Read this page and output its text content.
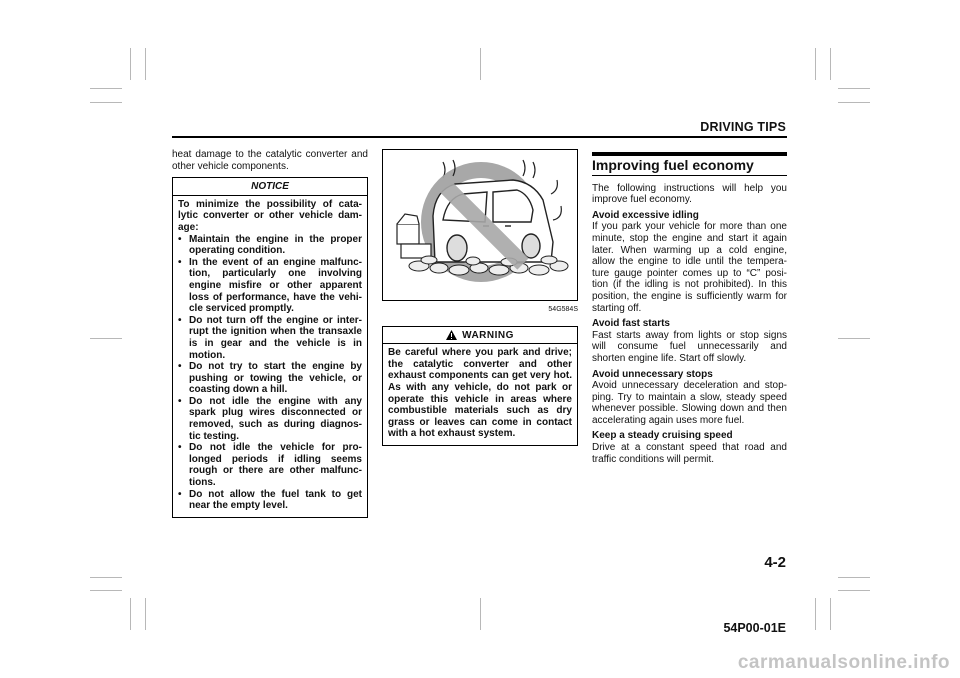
DRIVING TIPS

heat damage to the catalytic converter and other vehicle components.

NOTICE

To minimize the possibility of cata-lytic converter or other vehicle dam-age:

• Maintain the engine in the proper operating condition.
• In the event of an engine malfunc-tion, particularly one involving engine misfire or other apparent loss of performance, have the vehi-cle serviced promptly.
• Do not turn off the engine or inter-rupt the ignition when the transaxle is in gear and the vehicle is in motion.
• Do not try to start the engine by pushing or towing the vehicle, or coasting down a hill.
• Do not idle the engine with any spark plug wires disconnected or removed, such as during diagnos-tic testing.
• Do not idle the vehicle for pro-longed periods if idling seems rough or there are other malfunc-tions.
• Do not allow the fuel tank to get near the empty level.
54G584S
WARNING

Be careful where you park and drive; the catalytic converter and other exhaust components can get very hot. As with any vehicle, do not park or operate this vehicle in areas where combustible materials such as dry grass or leaves can come in contact with a hot exhaust system.

Improving fuel economy

The following instructions will help you improve fuel economy.

Avoid excessive idling

If you park your vehicle for more than one minute, stop the engine and start it again later. When warming up a cold engine, allow the engine to idle until the tempera-ture gauge pointer comes up to “C” posi-tion (if the idling is not prohibited). In this position, the engine is sufficiently warm for starting off.

Avoid fast starts

Fast starts away from lights or stop signs will consume fuel unnecessarily and shorten engine life. Start off slowly.

Avoid unnecessary stops

Avoid unnecessary deceleration and stop-ping. Try to maintain a slow, steady speed whenever possible. Slowing down and then accelerating again uses more fuel.

Keep a steady cruising speed

Drive at a constant speed that road and traffic conditions will permit.

4-2
54P00-01E
carmanualsonline.info
